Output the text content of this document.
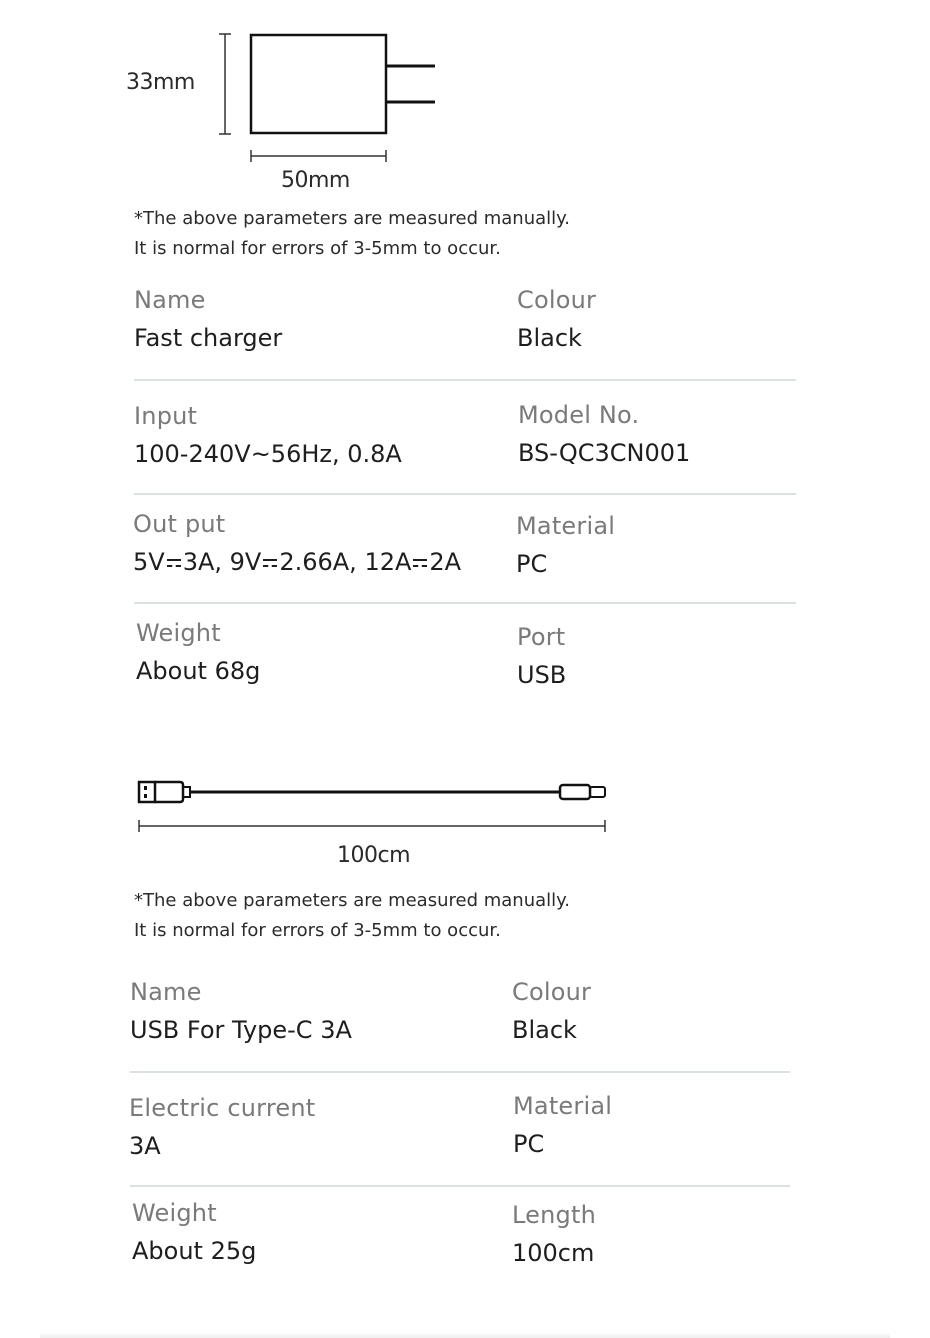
33mm
50mm
*The above parameters are measured manually.
It is normal for errors of 3-5mm to occur.
Name
Fast charger
Colour
Black
Input
100-240V~56Hz, 0.8A
Model No.
BS-QC3CN001
Out put
5V 3A, 9V 2.66A, 12A 2A
Material
PC
Weight
About 68g
Port
USB
100cm
*The above parameters are measured manually.
It is normal for errors of 3-5mm to occur.
Name
USB For Type-C 3A
Colour
Black
Electric current
3A
Material
PC
Weight
About 25g
Length
100cm
